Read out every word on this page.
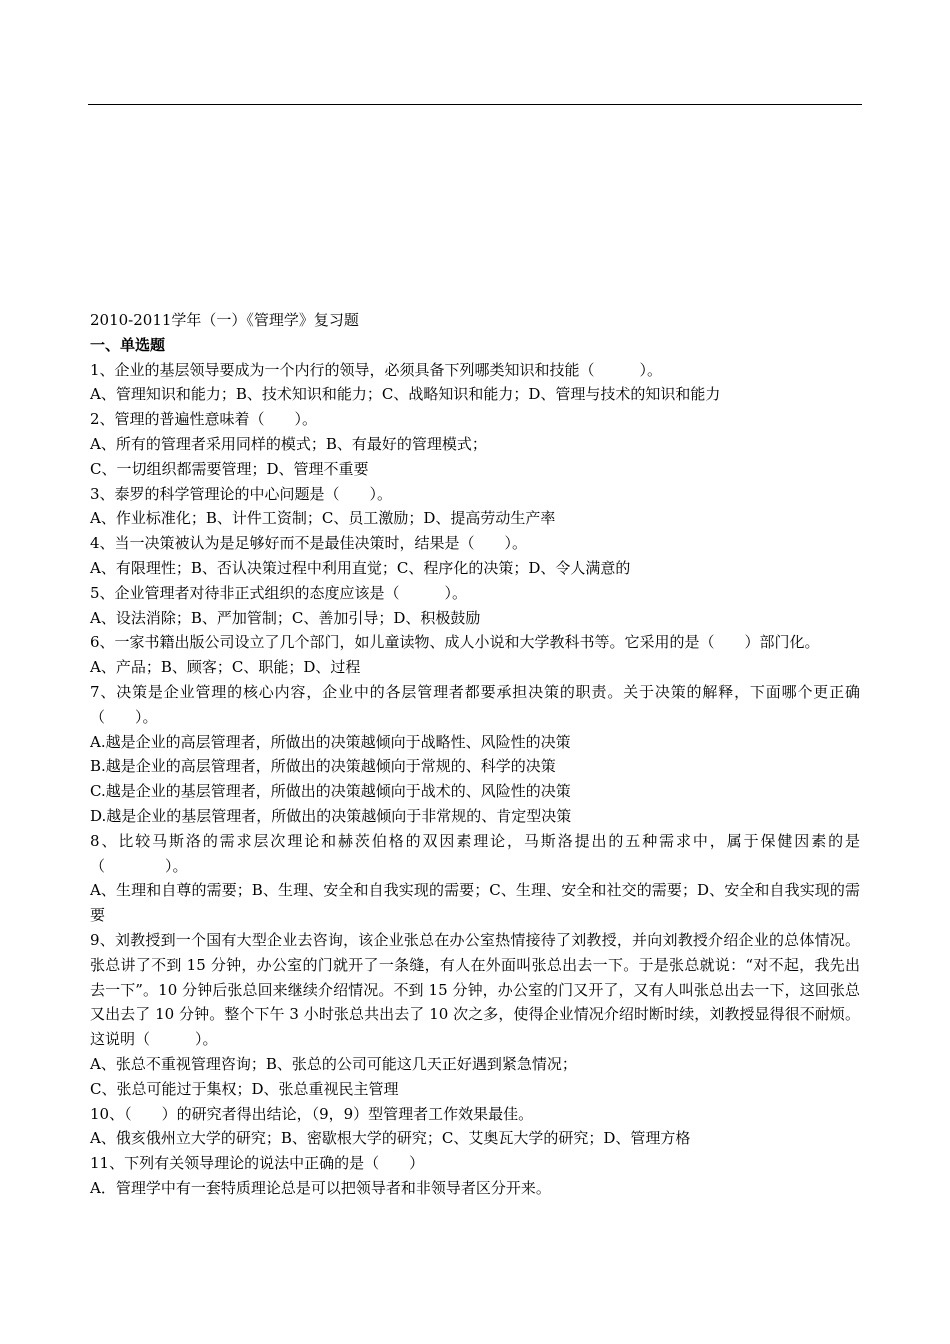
2010-2011学年（一）《管理学》复习题
一、单选题
1、企业的基层领导要成为一个内行的领导，必须具备下列哪类知识和技能（　　　）。
A、管理知识和能力；B、技术知识和能力；C、战略知识和能力；D、管理与技术的知识和能力
2、管理的普遍性意味着（　　）。
A、所有的管理者采用同样的模式；B、有最好的管理模式；
C、一切组织都需要管理；D、管理不重要
3、泰罗的科学管理论的中心问题是（　　）。
A、作业标准化；B、计件工资制；C、员工激励；D、提高劳动生产率
4、当一决策被认为是足够好而不是最佳决策时，结果是（　　）。
A、有限理性；B、否认决策过程中利用直觉；C、程序化的决策；D、令人满意的
5、企业管理者对待非正式组织的态度应该是（　　　）。
A、设法消除；B、严加管制；C、善加引导；D、积极鼓励
6、一家书籍出版公司设立了几个部门，如儿童读物、成人小说和大学教科书等。它采用的是（　　）部门化。
A、产品；B、顾客；C、职能；D、过程
7、决策是企业管理的核心内容，企业中的各层管理者都要承担决策的职责。关于决策的解释，下面哪个更正确（　　）。
A.越是企业的高层管理者，所做出的决策越倾向于战略性、风险性的决策
B.越是企业的高层管理者，所做出的决策越倾向于常规的、科学的决策
C.越是企业的基层管理者，所做出的决策越倾向于战术的、风险性的决策
D.越是企业的基层管理者，所做出的决策越倾向于非常规的、肯定型决策
8、比较马斯洛的需求层次理论和赫茨伯格的双因素理论，马斯洛提出的五种需求中，属于保健因素的是（　　　　）。
A、生理和自尊的需要；B、生理、安全和自我实现的需要；C、生理、安全和社交的需要；D、安全和自我实现的需要
9、刘教授到一个国有大型企业去咨询，该企业张总在办公室热情接待了刘教授，并向刘教授介绍企业的总体情况。张总讲了不到 15 分钟，办公室的门就开了一条缝，有人在外面叫张总出去一下。于是张总就说：“对不起，我先出去一下”。10 分钟后张总回来继续介绍情况。不到 15 分钟，办公室的门又开了，又有人叫张总出去一下，这回张总又出去了 10 分钟。整个下午 3 小时张总共出去了 10 次之多，使得企业情况介绍时断时续，刘教授显得很不耐烦。这说明（　　　）。
A、张总不重视管理咨询；B、张总的公司可能这几天正好遇到紧急情况；
C、张总可能过于集权；D、张总重视民主管理
10、（　　）的研究者得出结论，（9，9）型管理者工作效果最佳。
A、俄亥俄州立大学的研究；B、密歇根大学的研究；C、艾奥瓦大学的研究；D、管理方格
11、下列有关领导理论的说法中正确的是（　　）
A．管理学中有一套特质理论总是可以把领导者和非领导者区分开来。
